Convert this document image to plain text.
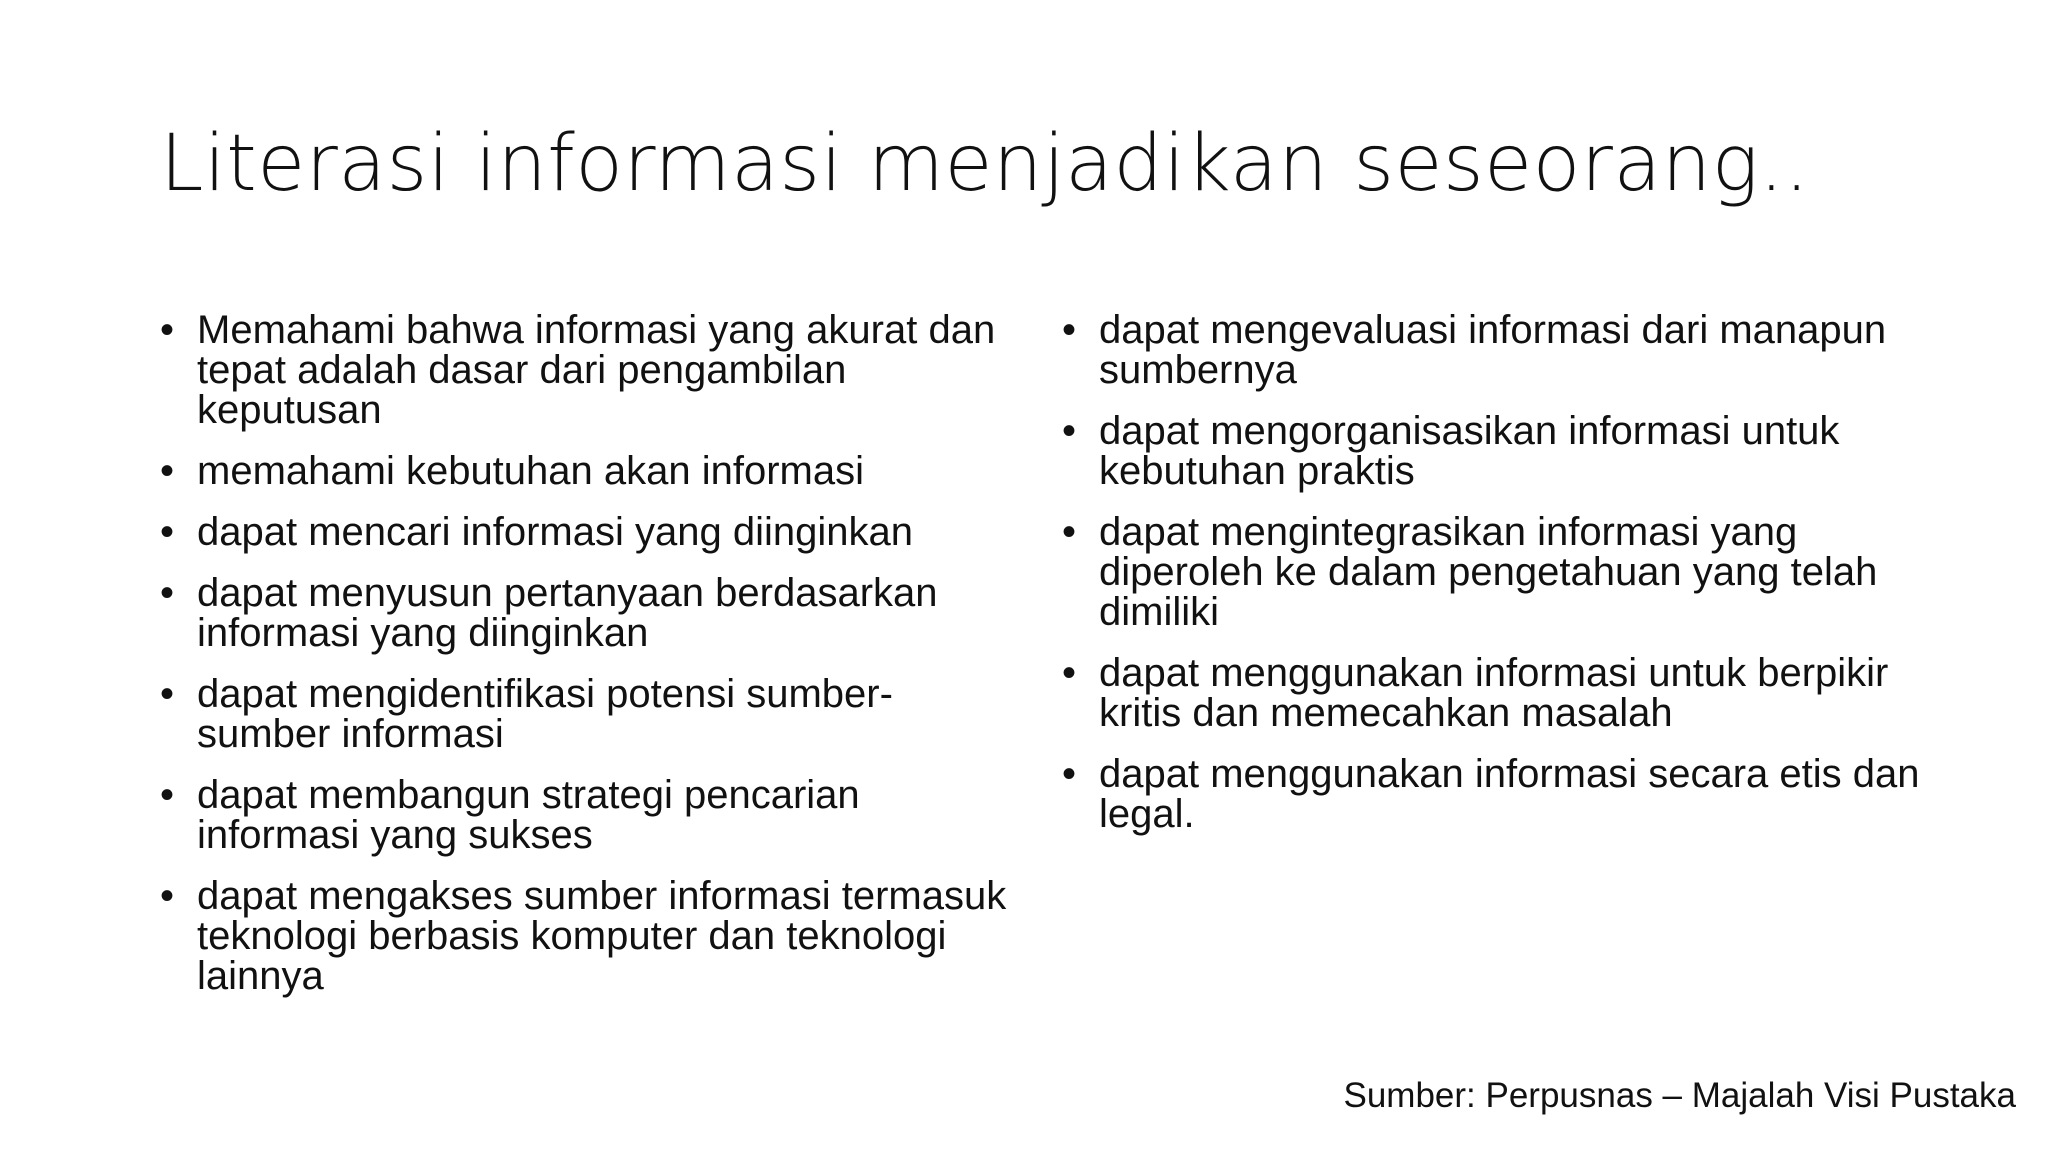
Literasi informasi menjadikan seseorang..
• Memahami bahwa informasi yang akurat dan tepat adalah dasar dari pengambilan keputusan
• memahami kebutuhan akan informasi
• dapat mencari informasi yang diinginkan
• dapat menyusun pertanyaan berdasarkan informasi yang diinginkan
• dapat mengidentifikasi potensi sumber-sumber informasi
• dapat membangun strategi pencarian informasi yang sukses
• dapat mengakses sumber informasi termasuk teknologi berbasis komputer dan teknologi lainnya
• dapat mengevaluasi informasi dari manapun sumbernya
• dapat mengorganisasikan informasi untuk kebutuhan praktis
• dapat mengintegrasikan informasi yang diperoleh ke dalam pengetahuan yang telah dimiliki
• dapat menggunakan informasi untuk berpikir kritis dan memecahkan masalah
• dapat menggunakan informasi secara etis dan legal.
Sumber: Perpusnas – Majalah Visi Pustaka
